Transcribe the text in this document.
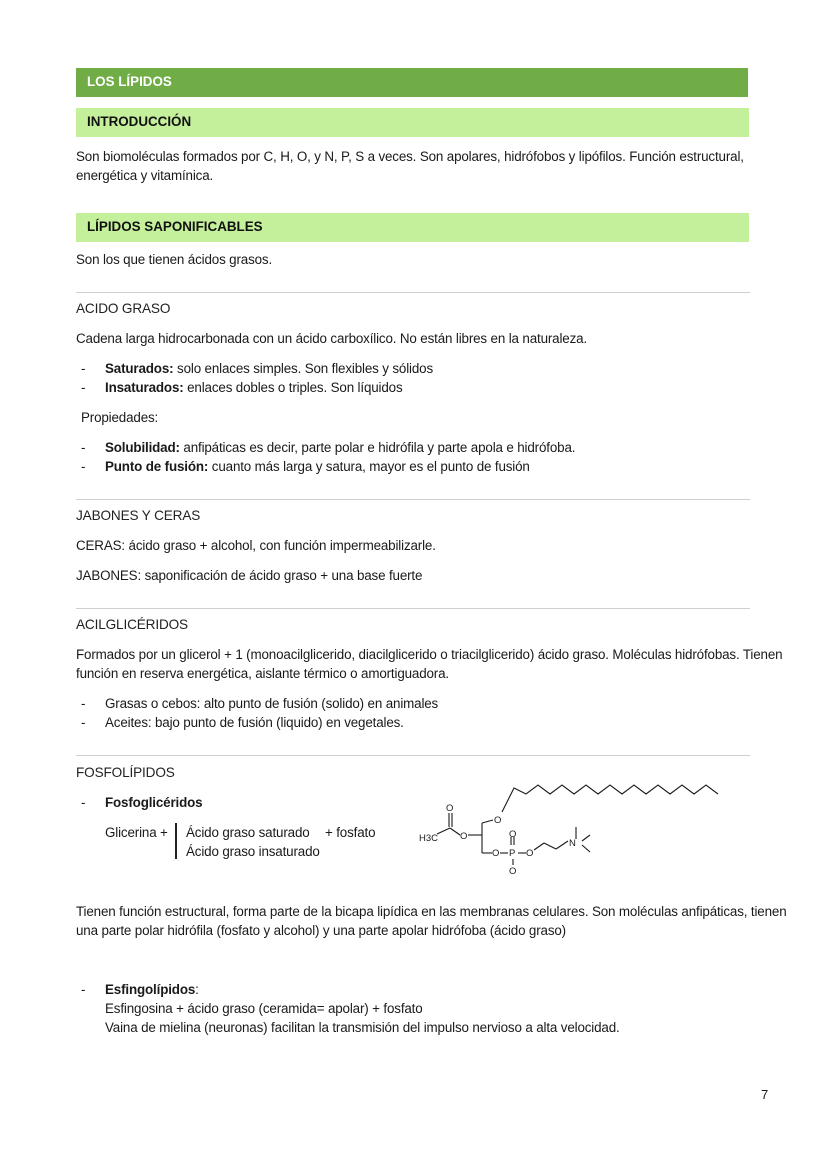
LOS LÍPIDOS
INTRODUCCIÓN
Son biomoléculas formados por C, H, O, y N, P, S a veces. Son apolares, hidrófobos y lipófilos. Función estructural,
energética y vitamínica.
LÍPIDOS SAPONIFICABLES
Son los que tienen ácidos grasos.
ACIDO GRASO
Cadena larga hidrocarbonada con un ácido carboxílico. No están libres en la naturaleza.
- Saturados: solo enlaces simples. Son flexibles y sólidos
- Insaturados: enlaces dobles o triples. Son líquidos
Propiedades:
- Solubilidad: anfipáticas es decir, parte polar e hidrófila y parte apola e hidrófoba.
- Punto de fusión: cuanto más larga y satura, mayor es el punto de fusión
JABONES Y CERAS
CERAS: ácido graso + alcohol, con función impermeabilizarle.
JABONES: saponificación de ácido graso + una base fuerte
ACILGLICÉRIDOS
Formados por un glicerol + 1 (monoacilglicerido, diacilglicerido o triacilglicerido) ácido graso. Moléculas hidrófobas. Tienen
función en reserva energética, aislante térmico o amortiguadora.
- Grasas o cebos: alto punto de fusión (solido) en animales
- Aceites: bajo punto de fusión (liquido) en vegetales.
FOSFOLÍPIDOS
- Fosfoglicéridos
Glicerina + Ácido graso saturado
Ácido graso insaturado
+ fosfato
O
O
H3C O
O P
O
O
O
N
Tienen función estructural, forma parte de la bicapa lipídica en las membranas celulares. Son moléculas anfipáticas, tienen
una parte polar hidrófila (fosfato y alcohol) y una parte apolar hidrófoba (ácido graso)
- Esfingolípidos:
Esfingosina + ácido graso (ceramida= apolar) + fosfato
Vaina de mielina (neuronas) facilitan la transmisión del impulso nervioso a alta velocidad.
7
